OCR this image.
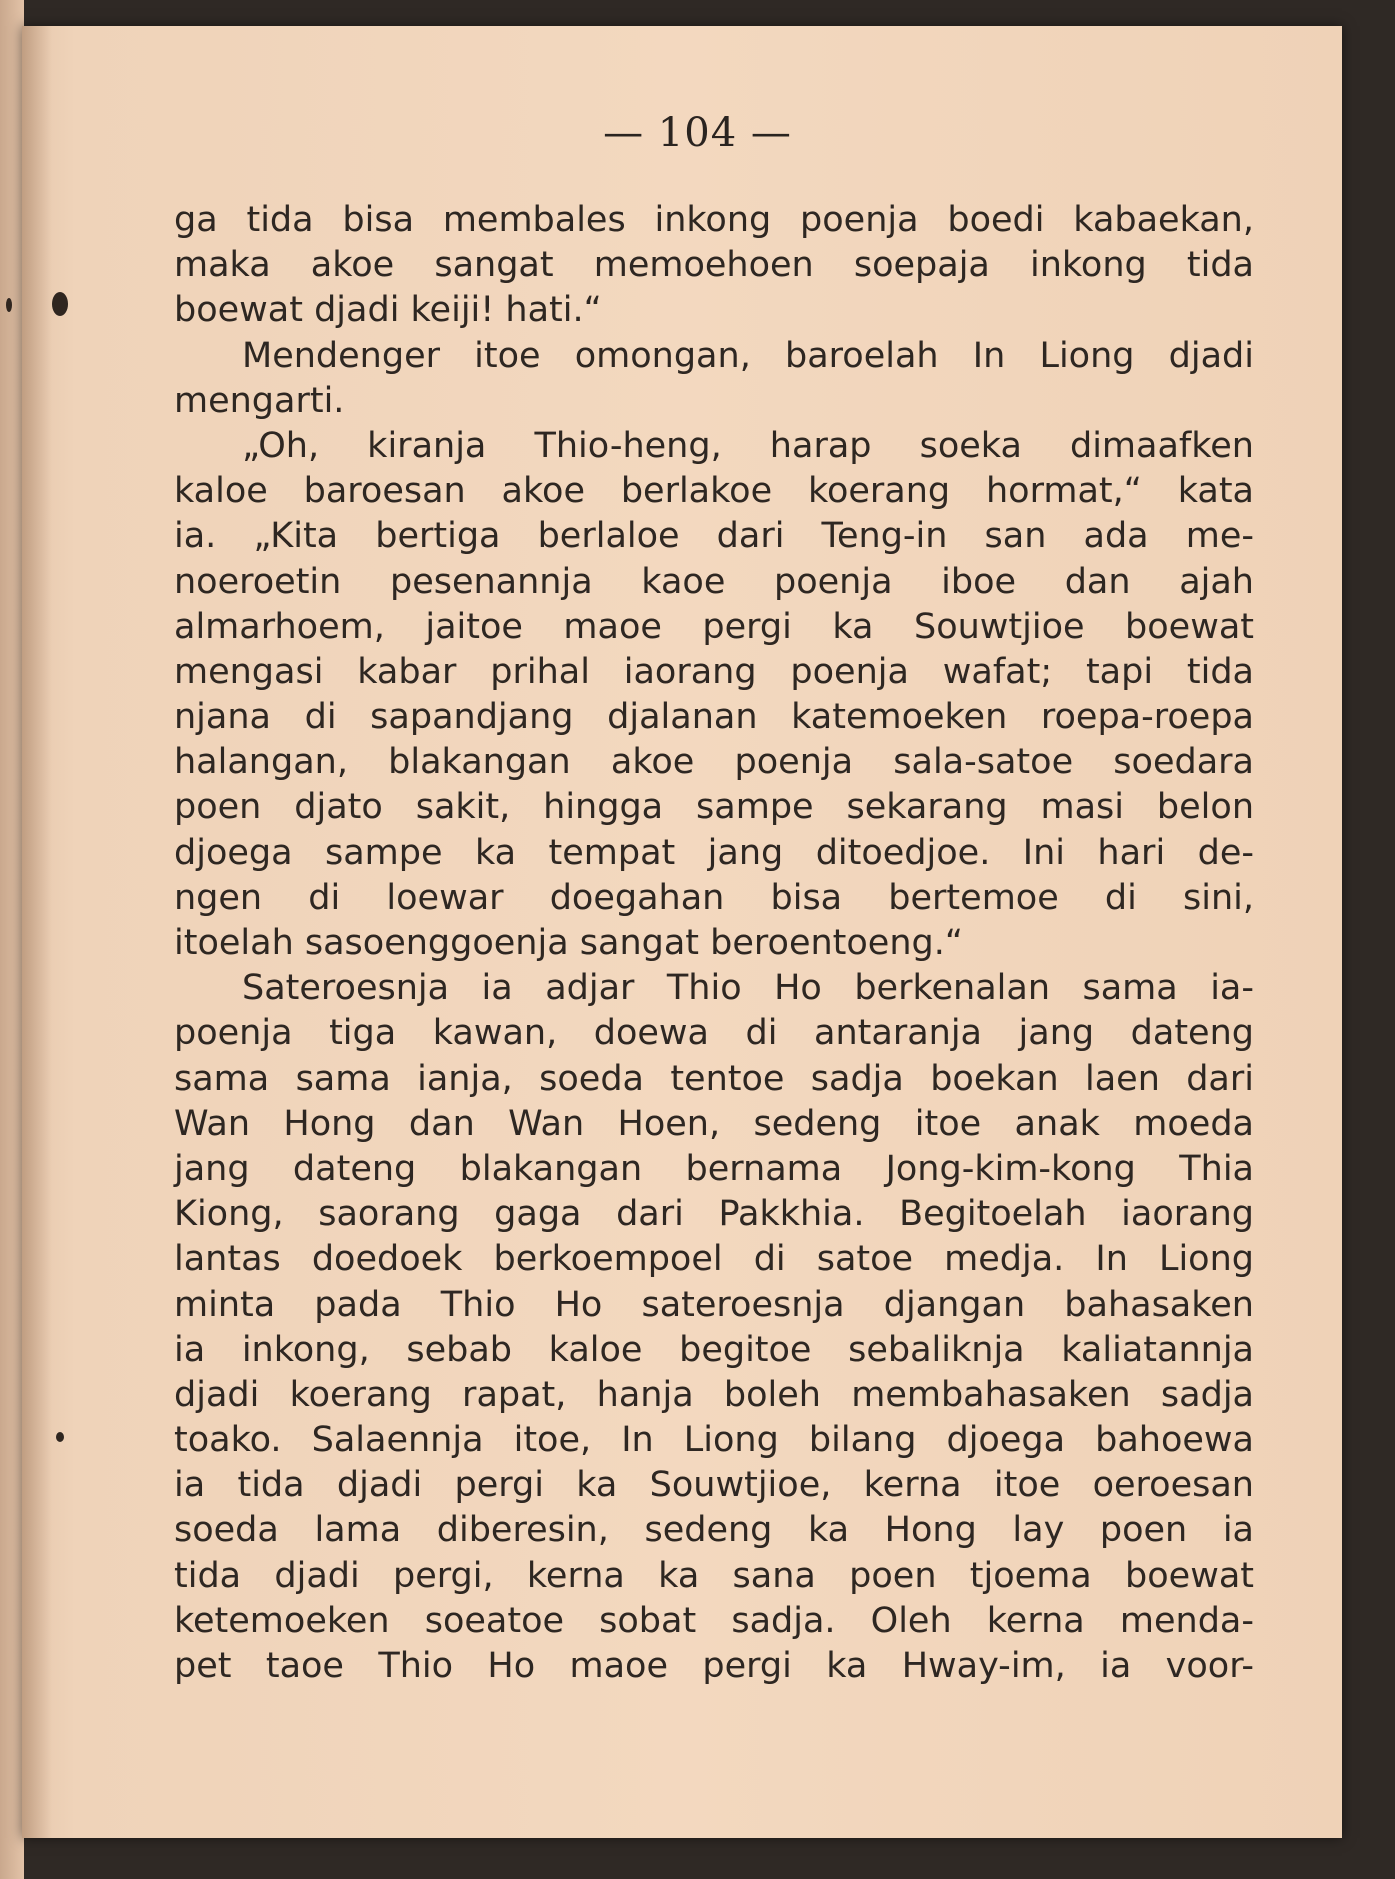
— 104 —
ga tida bisa membales inkong poenja boedi kabaekan,
maka akoe sangat memoehoen soepaja inkong tida
boewat djadi keiji! hati.“
Mendenger itoe omongan, baroelah In Liong djadi
mengarti.
„Oh, kiranja Thio-heng, harap soeka dimaafken
kaloe baroesan akoe berlakoe koerang hormat,“ kata
ia. „Kita bertiga berlaloe dari Teng-in san ada me-
noeroetin pesenannja kaoe poenja iboe dan ajah
almarhoem, jaitoe maoe pergi ka Souwtjioe boewat
mengasi kabar prihal iaorang poenja wafat; tapi tida
njana di sapandjang djalanan katemoeken roepa-roepa
halangan, blakangan akoe poenja sala-satoe soedara
poen djato sakit, hingga sampe sekarang masi belon
djoega sampe ka tempat jang ditoedjoe. Ini hari de-
ngen di loewar doegahan bisa bertemoe di sini,
itoelah sasoenggoenja sangat beroentoeng.“
Sateroesnja ia adjar Thio Ho berkenalan sama ia-
poenja tiga kawan, doewa di antaranja jang dateng
sama sama ianja, soeda tentoe sadja boekan laen dari
Wan Hong dan Wan Hoen, sedeng itoe anak moeda
jang dateng blakangan bernama Jong-kim-kong Thia
Kiong, saorang gaga dari Pakkhia. Begitoelah iaorang
lantas doedoek berkoempoel di satoe medja. In Liong
minta pada Thio Ho sateroesnja djangan bahasaken
ia inkong, sebab kaloe begitoe sebaliknja kaliatannja
djadi koerang rapat, hanja boleh membahasaken sadja
toako. Salaennja itoe, In Liong bilang djoega bahoewa
ia tida djadi pergi ka Souwtjioe, kerna itoe oeroesan
soeda lama diberesin, sedeng ka Hong lay poen ia
tida djadi pergi, kerna ka sana poen tjoema boewat
ketemoeken soeatoe sobat sadja. Oleh kerna menda-
pet taoe Thio Ho maoe pergi ka Hway-im, ia voor-
